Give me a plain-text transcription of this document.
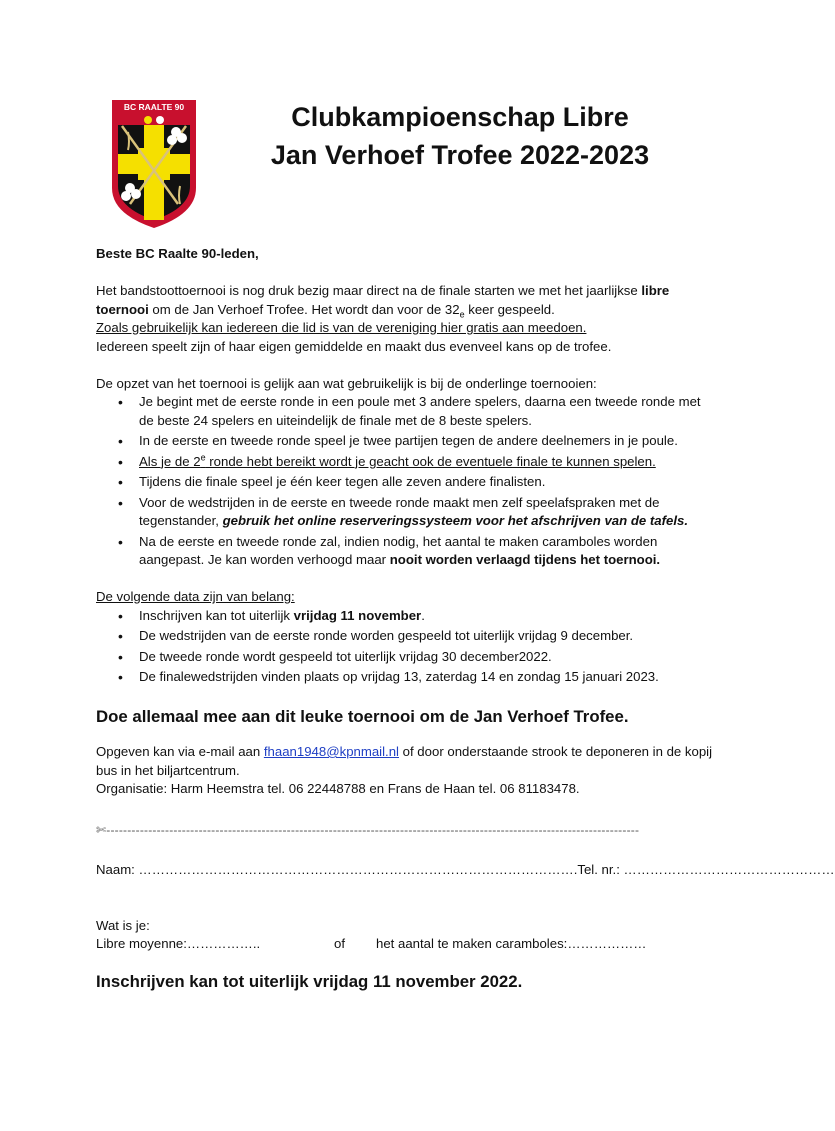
BC RAALTE 90	Clubkampioenschap Libre
Jan Verhoef Trofee 2022-2023

Beste BC Raalte 90-leden,

Het bandstoottoernooi is nog druk bezig maar direct na de finale starten we met het jaarlijkse libre toernooi om de Jan Verhoef Trofee. Het wordt dan voor de $32_e$ keer gespeeld.

Zoals gebruikelijk kan iedereen die lid is van de vereniging hier gratis aan meedoen.

Iedereen speelt zijn of haar eigen gemiddelde en maakt dus evenveel kans op de trofee.

De opzet van het toernooi is gelijk aan wat gebruikelijk is bij de onderlinge toernooien:

• Je begint met de eerste ronde in een poule met 3 andere spelers, daarna een tweede ronde met de beste 24 spelers en uiteindelijk de finale met de 8 beste spelers.
• In de eerste en tweede ronde speel je twee partijen tegen de andere deelnemers in je poule.
• Als je de 2e ronde hebt bereikt wordt je geacht ook de eventuele finale te kunnen spelen.
• Tijdens die finale speel je één keer tegen alle zeven andere finalisten.
• Voor de wedstrijden in de eerste en tweede ronde maakt men zelf speelafspraken met de tegenstander, gebruik het online reserveringssysteem voor het afschrijven van de tafels.
• Na de eerste en tweede ronde zal, indien nodig, het aantal te maken caramboles worden aangepast. Je kan worden verhoogd maar nooit worden verlaagd tijdens het toernooi.

De volgende data zijn van belang:

• Inschrijven kan tot uiterlijk vrijdag 11 november.
• De wedstrijden van de eerste ronde worden gespeeld tot uiterlijk vrijdag 9 december.
• De tweede ronde wordt gespeeld tot uiterlijk vrijdag 30 december2022.
• De finalewedstrijden vinden plaats op vrijdag 13, zaterdag 14 en zondag 15 januari 2023.

Doe allemaal mee aan dit leuke toernooi om de Jan Verhoef Trofee.

Opgeven kan via e-mail aan fhaan1948@kpnmail.nl of door onderstaande strook te deponeren in de kopij bus in het biljartcentrum.

Organisatie: Harm Heemstra tel. 06 22448788 en Frans de Haan tel. 06 81183478.

✄-------------------------------------------------------------------------------------------------------------------------------

Naam: ……………………………………………………………………………………….Tel. nr.: …………………………………………

Wat is je:

Libre moyenne:……………..	of	het aantal te maken caramboles:………………

Inschrijven kan tot uiterlijk vrijdag 11 november 2022.
